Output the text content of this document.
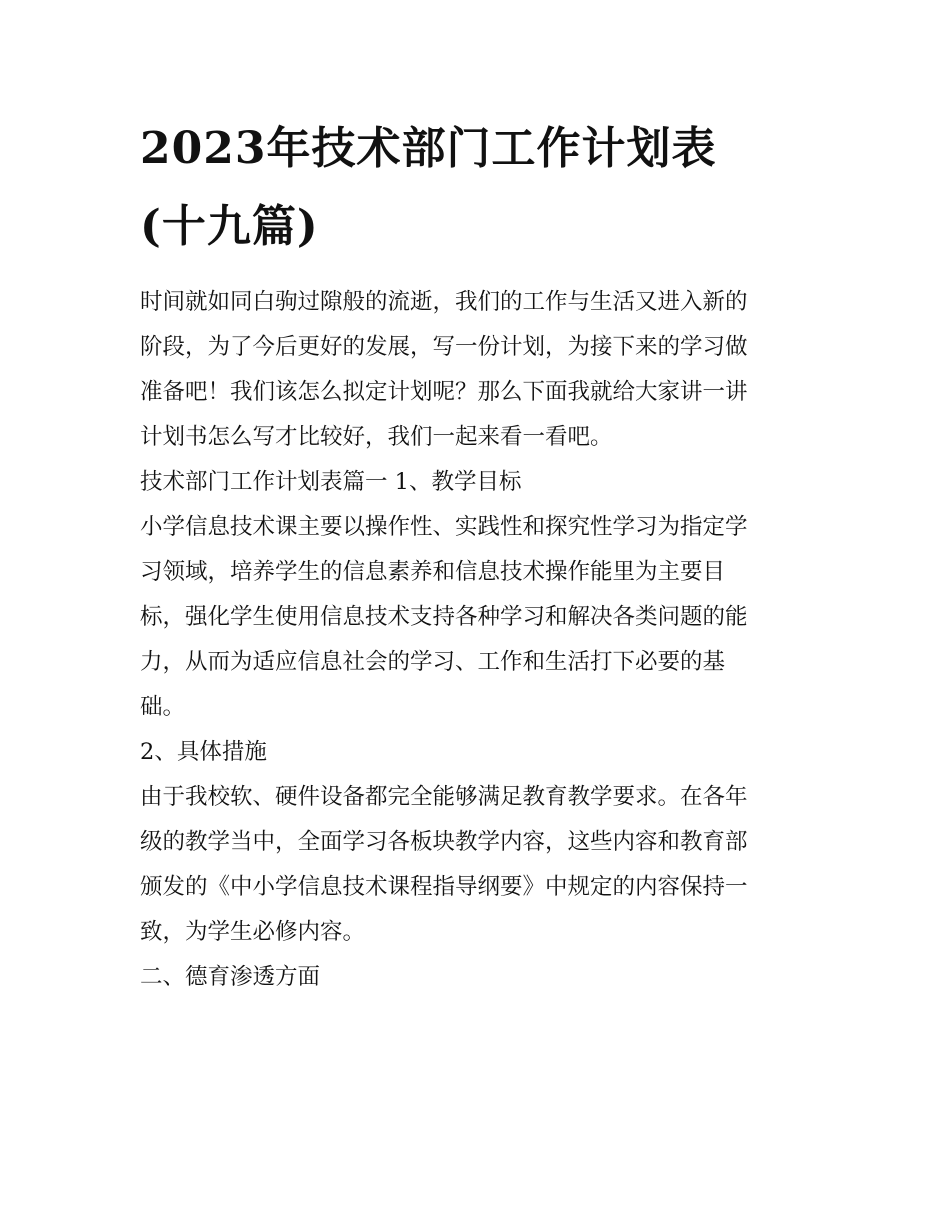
2023年技术部门工作计划表
(十九篇)

时间就如同白驹过隙般的流逝，我们的工作与生活又进入新的
阶段，为了今后更好的发展，写一份计划，为接下来的学习做
准备吧！我们该怎么拟定计划呢？那么下面我就给大家讲一讲
计划书怎么写才比较好，我们一起来看一看吧。

技术部门工作计划表篇一 1、教学目标

小学信息技术课主要以操作性、实践性和探究性学习为指定学
习领域，培养学生的信息素养和信息技术操作能里为主要目
标，强化学生使用信息技术支持各种学习和解决各类问题的能
力，从而为适应信息社会的学习、工作和生活打下必要的基
础。

2、具体措施

由于我校软、硬件设备都完全能够满足教育教学要求。在各年
级的教学当中，全面学习各板块教学内容，这些内容和教育部
颁发的《中小学信息技术课程指导纲要》中规定的内容保持一
致，为学生必修内容。

二、德育渗透方面
